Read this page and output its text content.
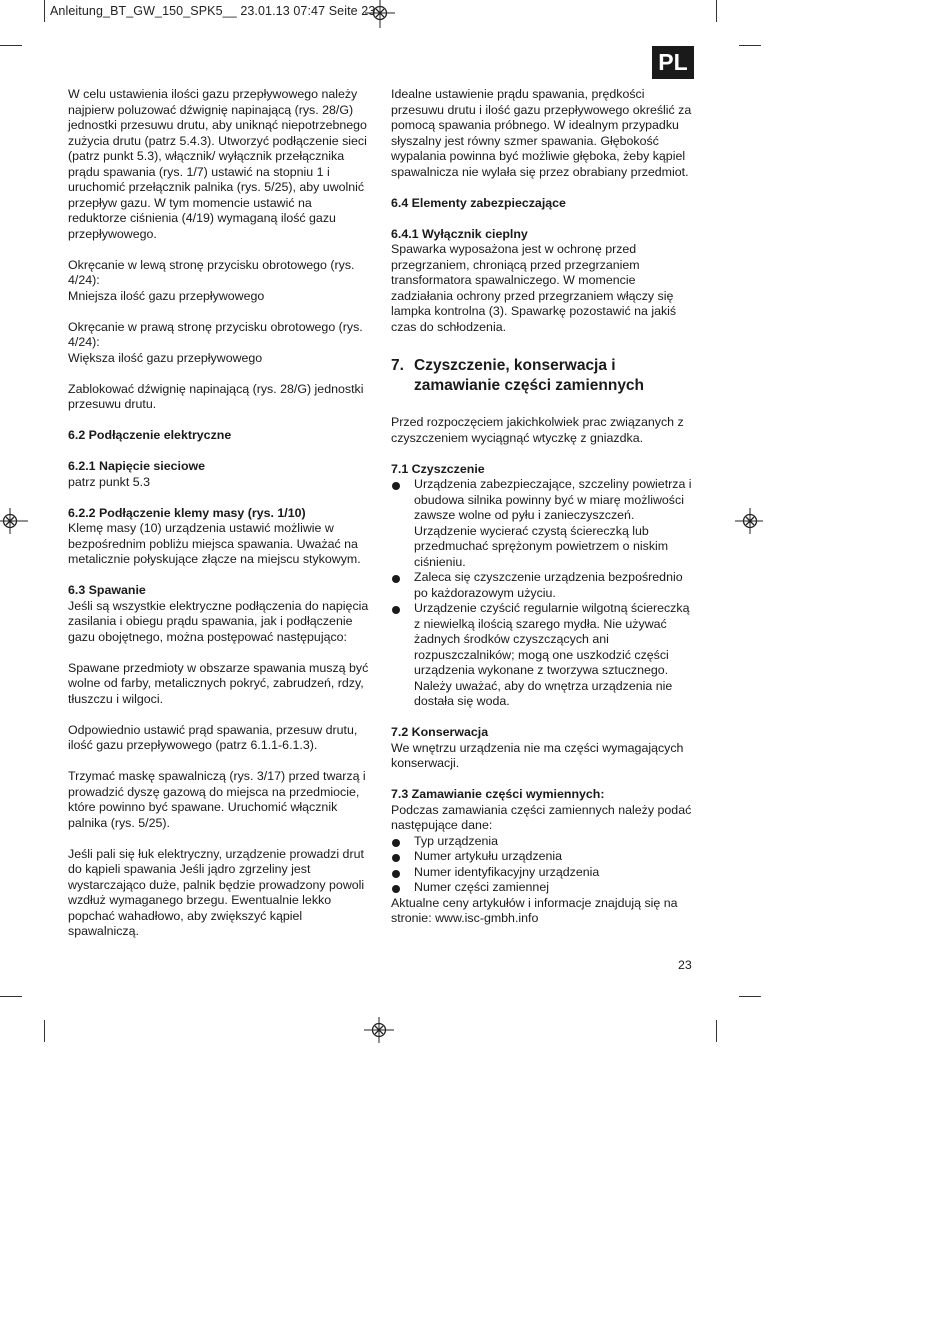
Anleitung_BT_GW_150_SPK5__ 23.01.13 07:47 Seite 23
PL

W celu ustawienia ilości gazu przepływowego należy najpierw poluzować dźwignię napinającą (rys. 28/G) jednostki przesuwu drutu, aby uniknąć niepotrzebnego zużycia drutu (patrz 5.4.3). Utworzyć podłączenie sieci (patrz punkt 5.3), włącznik/ wyłącznik przełącznika prądu spawania (rys. 1/7) ustawić na stopniu 1 i uruchomić przełącznik palnika (rys. 5/25), aby uwolnić przepływ gazu. W tym momencie ustawić na reduktorze ciśnienia (4/19) wymaganą ilość gazu przepływowego.

Okręcanie w lewą stronę przycisku obrotowego (rys. 4/24):

Mniejsza ilość gazu przepływowego

Okręcanie w prawą stronę przycisku obrotowego (rys. 4/24):

Większa ilość gazu przepływowego

Zablokować dźwignię napinającą (rys. 28/G) jednostki przesuwu drutu.

6.2 Podłączenie elektryczne

6.2.1 Napięcie sieciowe

patrz punkt 5.3

6.2.2 Podłączenie klemy masy (rys. 1/10)

Klemę masy (10) urządzenia ustawić możliwie w bezpośrednim pobliżu miejsca spawania. Uważać na metalicznie połyskujące złącze na miejscu stykowym.

6.3 Spawanie

Jeśli są wszystkie elektryczne podłączenia do napięcia zasilania i obiegu prądu spawania, jak i podłączenie gazu obojętnego, można postępować następująco:

Spawane przedmioty w obszarze spawania muszą być wolne od farby, metalicznych pokryć, zabrudzeń, rdzy, tłuszczu i wilgoci.

Odpowiednio ustawić prąd spawania, przesuw drutu, ilość gazu przepływowego (patrz 6.1.1-6.1.3).

Trzymać maskę spawalniczą (rys. 3/17) przed twarzą i prowadzić dyszę gazową do miejsca na przedmiocie, które powinno być spawane. Uruchomić włącznik palnika (rys. 5/25).

Jeśli pali się łuk elektryczny, urządzenie prowadzi drut do kąpieli spawania Jeśli jądro zgrzeliny jest wystarczająco duże, palnik będzie prowadzony powoli wzdłuż wymaganego brzegu. Ewentualnie lekko popchać wahadłowo, aby zwiększyć kąpiel spawalniczą.

Idealne ustawienie prądu spawania, prędkości przesuwu drutu i ilość gazu przepływowego określić za pomocą spawania próbnego. W idealnym przypadku słyszalny jest równy szmer spawania. Głębokość wypalania powinna być możliwie głęboka, żeby kąpiel spawalnicza nie wylała się przez obrabiany przedmiot.

6.4 Elementy zabezpieczające

6.4.1 Wyłącznik cieplny

Spawarka wyposażona jest w ochronę przed przegrzaniem, chroniącą przed przegrzaniem transformatora spawalniczego. W momencie zadziałania ochrony przed przegrzaniem włączy się lampka kontrolna (3). Spawarkę pozostawić na jakiś czas do schłodzenia.

7. Czyszczenie, konserwacja i zamawianie części zamiennych

Przed rozpoczęciem jakichkolwiek prac związanych z czyszczeniem wyciągnąć wtyczkę z gniazdka.

7.1 Czyszczenie

Urządzenia zabezpieczające, szczeliny powietrza i obudowa silnika powinny być w miarę możliwości zawsze wolne od pyłu i zanieczyszczeń. Urządzenie wycierać czystą ściereczką lub przedmuchać sprężonym powietrzem o niskim ciśnieniu.
Zaleca się czyszczenie urządzenia bezpośrednio po każdorazowym użyciu.
Urządzenie czyścić regularnie wilgotną ściereczką z niewielką ilością szarego mydła. Nie używać żadnych środków czyszczących ani rozpuszczalników; mogą one uszkodzić części urządzenia wykonane z tworzywa sztucznego. Należy uważać, aby do wnętrza urządzenia nie dostała się woda.

7.2 Konserwacja

We wnętrzu urządzenia nie ma części wymagających konserwacji.

7.3 Zamawianie części wymiennych:

Podczas zamawiania części zamiennych należy podać następujące dane:

Typ urządzenia
Numer artykułu urządzenia
Numer identyfikacyjny urządzenia
Numer części zamiennej

Aktualne ceny artykułów i informacje znajdują się na stronie: www.isc-gmbh.info

23
